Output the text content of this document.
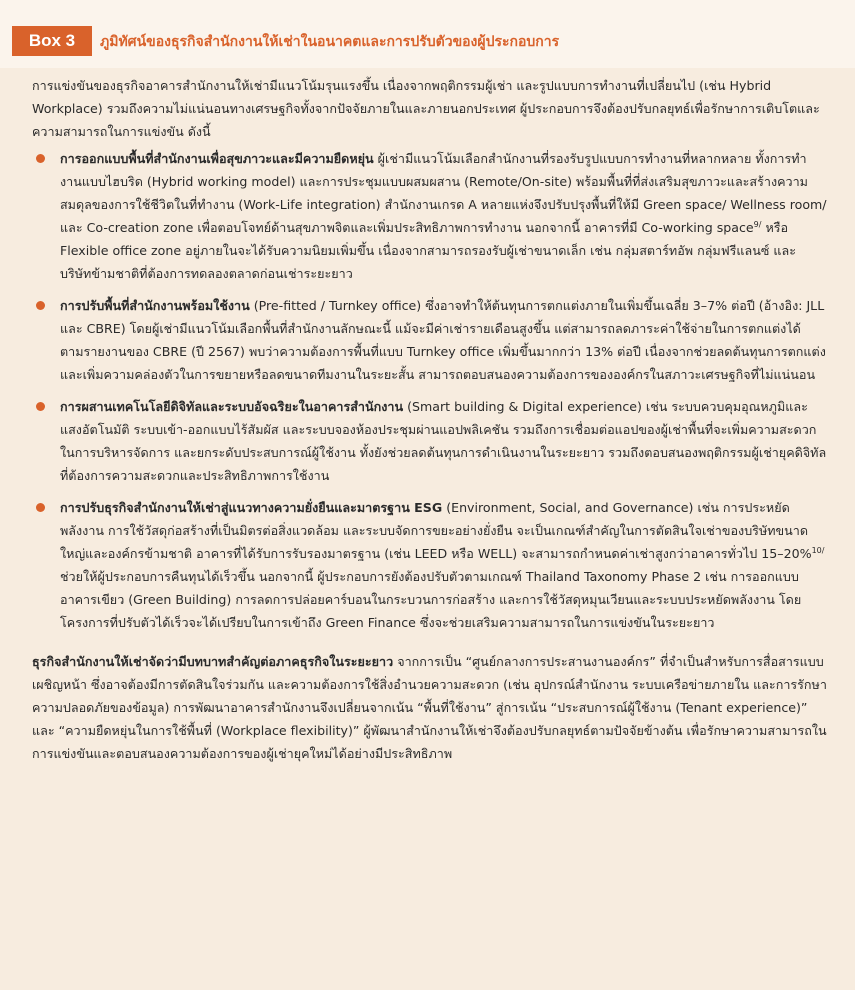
Box 3	ภูมิทัศน์ของธุรกิจสำนักงานให้เช่าในอนาคตและการปรับตัวของผู้ประกอบการ

การแข่งขันของธุรกิจอาคารสำนักงานให้เช่ามีแนวโน้มรุนแรงขึ้น เนื่องจากพฤติกรรมผู้เช่า และรูปแบบการทำงานที่เปลี่ยนไป (เช่น Hybrid Workplace) รวมถึงความไม่แน่นอนทางเศรษฐกิจทั้งจากปัจจัยภายในและภายนอกประเทศ ผู้ประกอบการจึงต้องปรับกลยุทธ์เพื่อรักษาการเติบโตและความสามารถในการแข่งขัน ดังนี้

การออกแบบพื้นที่สำนักงานเพื่อสุขภาวะและมีความยืดหยุ่น ผู้เช่ามีแนวโน้มเลือกสำนักงานที่รองรับรูปแบบการทำงานที่หลากหลาย ทั้งการทำงานแบบไฮบริด (Hybrid working model) และการประชุมแบบผสมผสาน (Remote/On-site) พร้อมพื้นที่ที่ส่งเสริมสุขภาวะและสร้างความสมดุลของการใช้ชีวิตในที่ทำงาน (Work-Life integration) สำนักงานเกรด A หลายแห่งจึงปรับปรุงพื้นที่ให้มี Green space/ Wellness room/ และ Co-creation zone เพื่อตอบโจทย์ด้านสุขภาพจิตและเพิ่มประสิทธิภาพการทำงาน นอกจากนี้ อาคารที่มี Co-working space$^{9/}$ หรือ Flexible office zone อยู่ภายในจะได้รับความนิยมเพิ่มขึ้น เนื่องจากสามารถรองรับผู้เช่าขนาดเล็ก เช่น กลุ่มสตาร์ทอัพ กลุ่มฟรีแลนซ์ และบริษัทข้ามชาติที่ต้องการทดลองตลาดก่อนเช่าระยะยาว
การปรับพื้นที่สำนักงานพร้อมใช้งาน (Pre-fitted / Turnkey office) ซึ่งอาจทำให้ต้นทุนการตกแต่งภายในเพิ่มขึ้นเฉลี่ย 3–7% ต่อปี (อ้างอิง: JLL และ CBRE) โดยผู้เช่ามีแนวโน้มเลือกพื้นที่สำนักงานลักษณะนี้ แม้จะมีค่าเช่ารายเดือนสูงขึ้น แต่สามารถลดภาระค่าใช้จ่ายในการตกแต่งได้ ตามรายงานของ CBRE (ปี 2567) พบว่าความต้องการพื้นที่แบบ Turnkey office เพิ่มขึ้นมากกว่า 13% ต่อปี เนื่องจากช่วยลดต้นทุนการตกแต่งและเพิ่มความคล่องตัวในการขยายหรือลดขนาดทีมงานในระยะสั้น สามารถตอบสนองความต้องการขององค์กรในสภาวะเศรษฐกิจที่ไม่แน่นอน
การผสานเทคโนโลยีดิจิทัลและระบบอัจฉริยะในอาคารสำนักงาน (Smart building & Digital experience) เช่น ระบบควบคุมอุณหภูมิและแสงอัตโนมัติ ระบบเข้า-ออกแบบไร้สัมผัส และระบบจองห้องประชุมผ่านแอปพลิเคชัน รวมถึงการเชื่อมต่อแอปของผู้เช่าพื้นที่จะเพิ่มความสะดวกในการบริหารจัดการ และยกระดับประสบการณ์ผู้ใช้งาน ทั้งยังช่วยลดต้นทุนการดำเนินงานในระยะยาว รวมถึงตอบสนองพฤติกรรมผู้เช่ายุคดิจิทัลที่ต้องการความสะดวกและประสิทธิภาพการใช้งาน
การปรับธุรกิจสำนักงานให้เช่าสู่แนวทางความยั่งยืนและมาตรฐาน ESG (Environment, Social, and Governance) เช่น การประหยัดพลังงาน การใช้วัสดุก่อสร้างที่เป็นมิตรต่อสิ่งแวดล้อม และระบบจัดการขยะอย่างยั่งยืน จะเป็นเกณฑ์สำคัญในการตัดสินใจเช่าของบริษัทขนาดใหญ่และองค์กรข้ามชาติ อาคารที่ได้รับการรับรองมาตรฐาน (เช่น LEED หรือ WELL) จะสามารถกำหนดค่าเช่าสูงกว่าอาคารทั่วไป 15–20%$^{10/}$ ช่วยให้ผู้ประกอบการคืนทุนได้เร็วขึ้น นอกจากนี้ ผู้ประกอบการยังต้องปรับตัวตามเกณฑ์ Thailand Taxonomy Phase 2 เช่น การออกแบบอาคารเขียว (Green Building) การลดการปล่อยคาร์บอนในกระบวนการก่อสร้าง และการใช้วัสดุหมุนเวียนและระบบประหยัดพลังงาน โดยโครงการที่ปรับตัวได้เร็วจะได้เปรียบในการเข้าถึง Green Finance ซึ่งจะช่วยเสริมความสามารถในการแข่งขันในระยะยาว

ธุรกิจสำนักงานให้เช่าจัดว่ามีบทบาทสำคัญต่อภาคธุรกิจในระยะยาว จากการเป็น “ศูนย์กลางการประสานงานองค์กร” ที่จำเป็นสำหรับการสื่อสารแบบเผชิญหน้า ซึ่งอาจต้องมีการตัดสินใจร่วมกัน และความต้องการใช้สิ่งอำนวยความสะดวก (เช่น อุปกรณ์สำนักงาน ระบบเครือข่ายภายใน และการรักษาความปลอดภัยของข้อมูล) การพัฒนาอาคารสำนักงานจึงเปลี่ยนจากเน้น “พื้นที่ใช้งาน” สู่การเน้น “ประสบการณ์ผู้ใช้งาน (Tenant experience)” และ “ความยืดหยุ่นในการใช้พื้นที่ (Workplace flexibility)” ผู้พัฒนาสำนักงานให้เช่าจึงต้องปรับกลยุทธ์ตามปัจจัยข้างต้น เพื่อรักษาความสามารถในการแข่งขันและตอบสนองความต้องการของผู้เช่ายุคใหม่ได้อย่างมีประสิทธิภาพ
